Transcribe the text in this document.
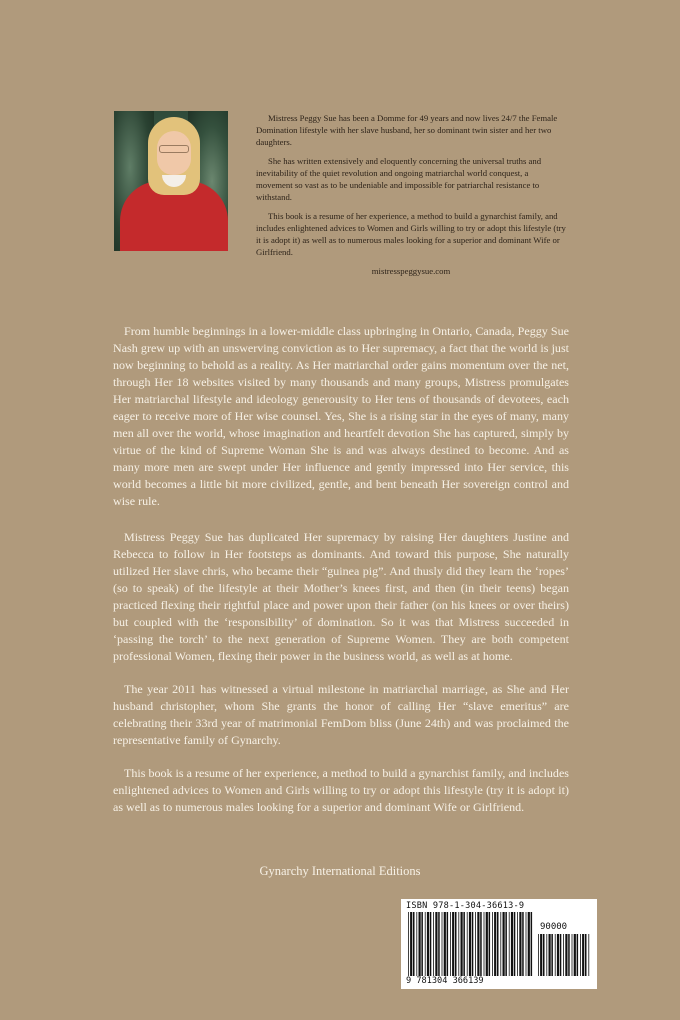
Mistress Peggy Sue has been a Domme for 49 years and now lives 24/7 the Female Domination lifestyle with her slave husband, her so dominant twin sister and her two daughters.

She has written extensively and eloquently concerning the universal truths and inevitability of the quiet revolution and ongoing matriarchal world conquest, a movement so vast as to be undeniable and impossible for patriarchal resistance to withstand.

This book is a resume of her experience, a method to build a gynarchist family, and includes enlightened advices to Women and Girls willing to try or adopt this lifestyle (try it is adopt it) as well as to numerous males looking for a superior and dominant Wife or Girlfriend.

mistresspeggysue.com

From humble beginnings in a lower-middle class upbringing in Ontario, Canada, Peggy Sue Nash grew up with an unswerving conviction as to Her supremacy, a fact that the world is just now beginning to behold as a reality. As Her matriarchal order gains momentum over the net, through Her 18 websites visited by many thousands and many groups, Mistress promulgates Her matriarchal lifestyle and ideology generousity to Her tens of thousands of devotees, each eager to receive more of Her wise counsel. Yes, She is a rising star in the eyes of many, many men all over the world, whose imagination and heartfelt devotion She has captured, simply by virtue of the kind of Supreme Woman She is and was always destined to become. And as many more men are swept under Her influence and gently impressed into Her service, this world becomes a little bit more civilized, gentle, and bent beneath Her sovereign control and wise rule.

Mistress Peggy Sue has duplicated Her supremacy by raising Her daughters Justine and Rebecca to follow in Her footsteps as dominants. And toward this purpose, She naturally utilized Her slave chris, who became their “guinea pig”. And thusly did they learn the ‘ropes’ (so to speak) of the lifestyle at their Mother’s knees first, and then (in their teens) began practiced flexing their rightful place and power upon their father (on his knees or over theirs) but coupled with the ‘responsibility’ of domination. So it was that Mistress succeeded in ‘passing the torch’ to the next generation of Supreme Women. They are both competent professional Women, flexing their power in the business world, as well as at home.

The year 2011 has witnessed a virtual milestone in matriarchal marriage, as She and Her husband christopher, whom She grants the honor of calling Her “slave emeritus” are celebrating their 33rd year of matrimonial FemDom bliss (June 24th) and was proclaimed the representative family of Gynarchy.

This book is a resume of her experience, a method to build a gynarchist family, and includes enlightened advices to Women and Girls willing to try or adopt this lifestyle (try it is adopt it) as well as to numerous males looking for a superior and dominant Wife or Girlfriend.

Gynarchy International Editions
ISBN 978-1-304-36613-9
90000
9 781304 366139
